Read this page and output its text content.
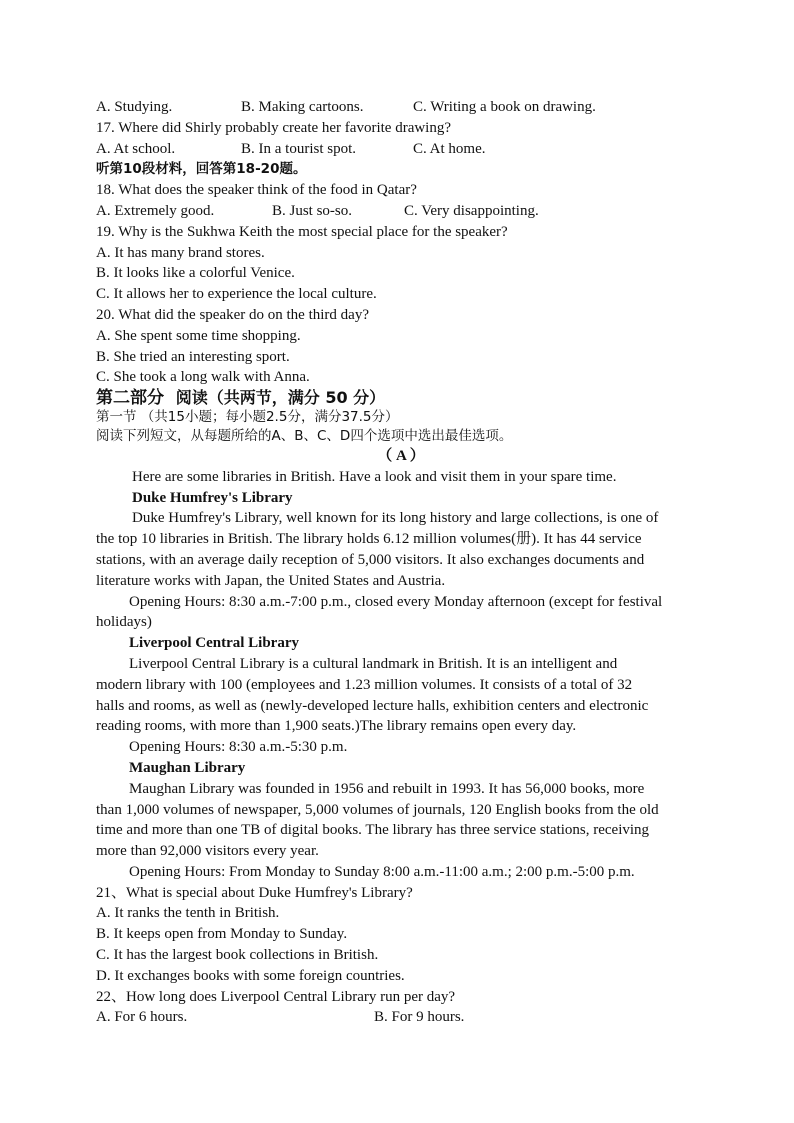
A. Studying.	B. Making cartoons.	C. Writing a book on drawing.
17. Where did Shirly probably create her favorite drawing?
A. At school.	B. In a tourist spot.	C. At home.
听第10段材料，回答第18-20题。
18. What does the speaker think of the food in Qatar?
A. Extremely good.	B. Just so-so.	C. Very disappointing.
19. Why is the Sukhwa Keith the most special place for the speaker?
A. It has many brand stores.
B. It looks like a colorful Venice.
C. It allows her to experience the local culture.
20. What did the speaker do on the third day?
A. She spent some time shopping.
B. She tried an interesting sport.
C. She took a long walk with Anna.
第二部分 阅读（共两节，满分 50 分）
第一节 （共15小题；每小题2.5分，满分37.5分）
阅读下列短文，从每题所给的A、B、C、D四个选项中选出最佳选项。
（ A ）
Here are some libraries in British. Have a look and visit them in your spare time.
Duke Humfrey's Library
Duke Humfrey's Library, well known for its long history and large collections, is one of
the top 10 libraries in British. The library holds 6.12 million volumes(册). It has 44 service
stations, with an average daily reception of 5,000 visitors. It also exchanges documents and
literature works with Japan, the United States and Austria.
Opening Hours: 8:30 a.m.-7:00 p.m., closed every Monday afternoon (except for festival
holidays)
Liverpool Central Library
Liverpool Central Library is a cultural landmark in British. It is an intelligent and
modern library with 100 (employees and 1.23 million volumes. It consists of a total of 32
halls and rooms, as well as (newly-developed lecture halls, exhibition centers and electronic
reading rooms, with more than 1,900 seats.)The library remains open every day.
Opening Hours: 8:30 a.m.-5:30 p.m.
Maughan Library
Maughan Library was founded in 1956 and rebuilt in 1993. It has 56,000 books, more
than 1,000 volumes of newspaper, 5,000 volumes of journals, 120 English books from the old
time and more than one TB of digital books. The library has three service stations, receiving
more than 92,000 visitors every year.
Opening Hours: From Monday to Sunday 8:00 a.m.-11:00 a.m.; 2:00 p.m.-5:00 p.m.
21、What is special about Duke Humfrey's Library?
A. It ranks the tenth in British.
B. It keeps open from Monday to Sunday.
C. It has the largest book collections in British.
D. It exchanges books with some foreign countries.
22、How long does Liverpool Central Library run per day?
A. For 6 hours.	B. For 9 hours.
